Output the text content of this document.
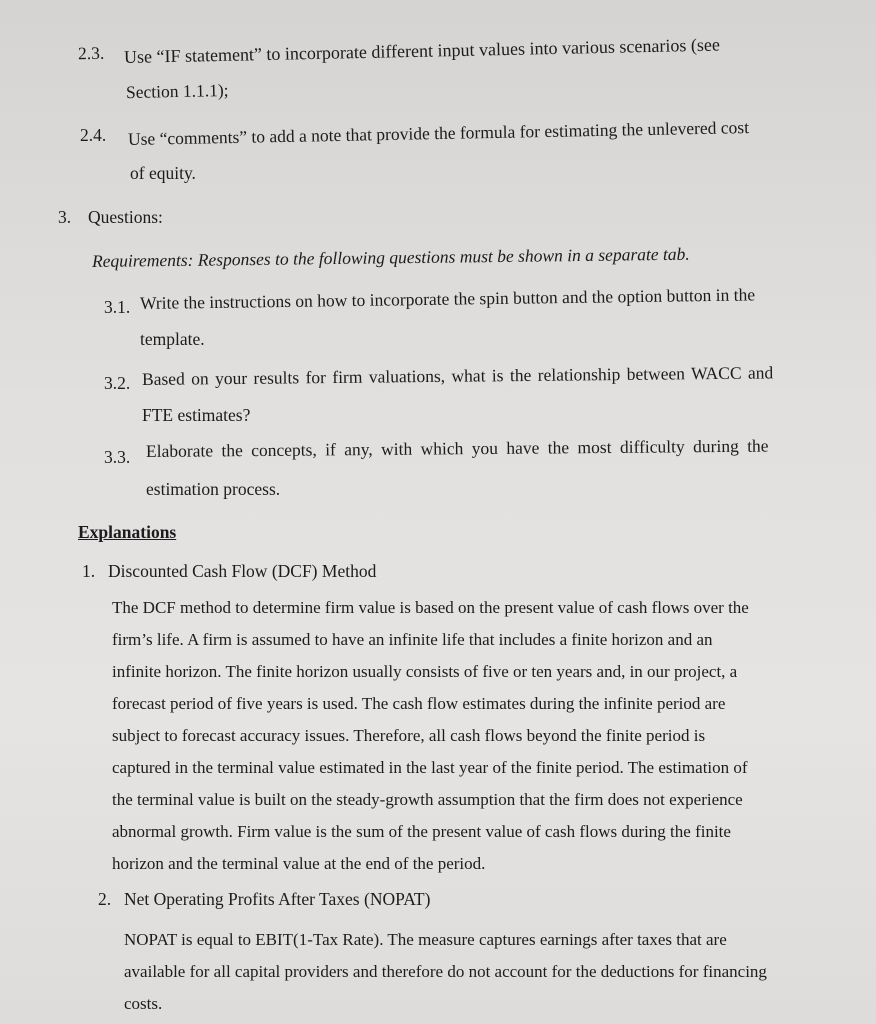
2.3. Use “IF statement” to incorporate different input values into various scenarios (see
Section 1.1.1);
2.4. Use “comments” to add a note that provide the formula for estimating the unlevered cost
of equity.
3. Questions:
Requirements: Responses to the following questions must be shown in a separate tab.
3.1. Write the instructions on how to incorporate the spin button and the option button in the
template.
3.2. Based on your results for firm valuations, what is the relationship between WACC and
FTE estimates?
3.3. Elaborate the concepts, if any, with which you have the most difficulty during the
estimation process.
Explanations
1. Discounted Cash Flow (DCF) Method
The DCF method to determine firm value is based on the present value of cash flows over the
firm’s life. A firm is assumed to have an infinite life that includes a finite horizon and an
infinite horizon. The finite horizon usually consists of five or ten years and, in our project, a
forecast period of five years is used. The cash flow estimates during the infinite period are
subject to forecast accuracy issues. Therefore, all cash flows beyond the finite period is
captured in the terminal value estimated in the last year of the finite period. The estimation of
the terminal value is built on the steady-growth assumption that the firm does not experience
abnormal growth. Firm value is the sum of the present value of cash flows during the finite
horizon and the terminal value at the end of the period.
2. Net Operating Profits After Taxes (NOPAT)
NOPAT is equal to EBIT(1-Tax Rate). The measure captures earnings after taxes that are
available for all capital providers and therefore do not account for the deductions for financing
costs.
